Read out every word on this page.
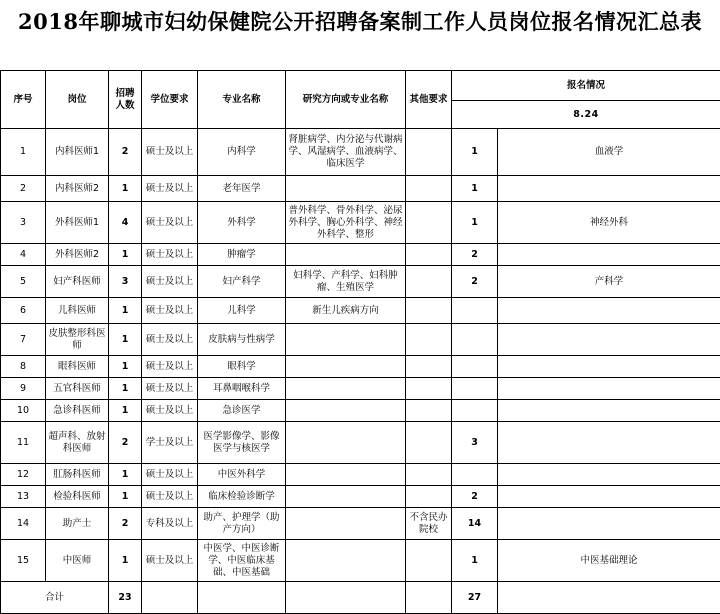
2018年聊城市妇幼保健院公开招聘备案制工作人员岗位报名情况汇总表
序号	岗位	招聘人数	学位要求	专业名称	研究方向或专业名称	其他要求	报名情况	
							8.24	
1	内科医师1	2	硕士及以上	内科学	肾脏病学、内分泌与代谢病学、风湿病学、血液病学、临床医学		1	血液学
2	内科医师2	1	硕士及以上	老年医学			1	
3	外科医师1	4	硕士及以上	外科学	普外科学、骨外科学、泌尿外科学、胸心外科学、神经外科学、整形		1	神经外科
4	外科医师2	1	硕士及以上	肿瘤学			2	
5	妇产科医师	3	硕士及以上	妇产科学	妇科学、产科学、妇科肿瘤、生殖医学		2	产科学
6	儿科医师	1	硕士及以上	儿科学	新生儿疾病方向			
7	皮肤整形科医师	1	硕士及以上	皮肤病与性病学				
8	眼科医师	1	硕士及以上	眼科学				
9	五官科医师	1	硕士及以上	耳鼻咽喉科学				
10	急诊科医师	1	硕士及以上	急诊医学				
11	超声科、放射科医师	2	学士及以上	医学影像学、影像医学与核医学			3	
12	肛肠科医师	1	硕士及以上	中医外科学				
13	检验科医师	1	硕士及以上	临床检验诊断学			2	
14	助产士	2	专科及以上	助产、护理学（助产方向）		不含民办院校	14	
15	中医师	1	硕士及以上	中医学、中医诊断学、中医临床基础、中医基础			1	中医基础理论
合计		23					27	
